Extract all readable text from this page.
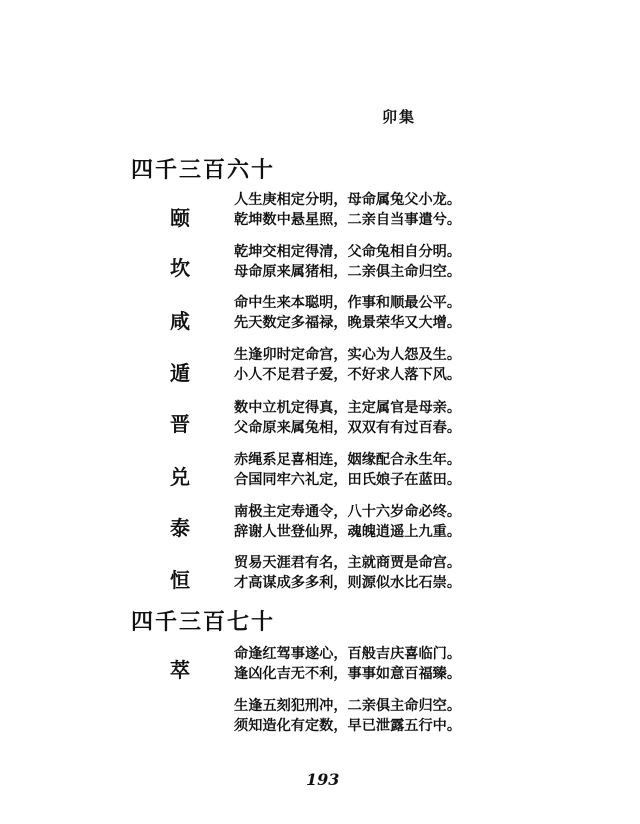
卯集
四千三百六十
颐
人生庚相定分明，母命属兔父小龙。
乾坤数中悬星照，二亲自当事遣兮。
坎
乾坤交相定得清，父命兔相自分明。
母命原来属猪相，二亲俱主命归空。
咸
命中生来本聪明，作事和顺最公平。
先天数定多福禄，晚景荣华又大增。
遁
生逢卯时定命宫，实心为人怨及生。
小人不足君子爱，不好求人落下风。
晋
数中立机定得真，主定属官是母亲。
父命原来属兔相，双双有有过百春。
兑
赤绳系足喜相连，姻缘配合永生年。
合国同牢六礼定，田氏娘子在蓝田。
泰
南极主定寿通令，八十六岁命必终。
辞谢人世登仙界，魂魄逍遥上九重。
恒
贸易天涯君有名，主就商贾是命宫。
才高谋成多多利，则源似水比石崇。
四千三百七十
萃
命逢红驾事遂心，百般吉庆喜临门。
逢凶化吉无不利，事事如意百福臻。
生逢五刻犯刑冲，二亲俱主命归空。
须知造化有定数，早已泄露五行中。
193
